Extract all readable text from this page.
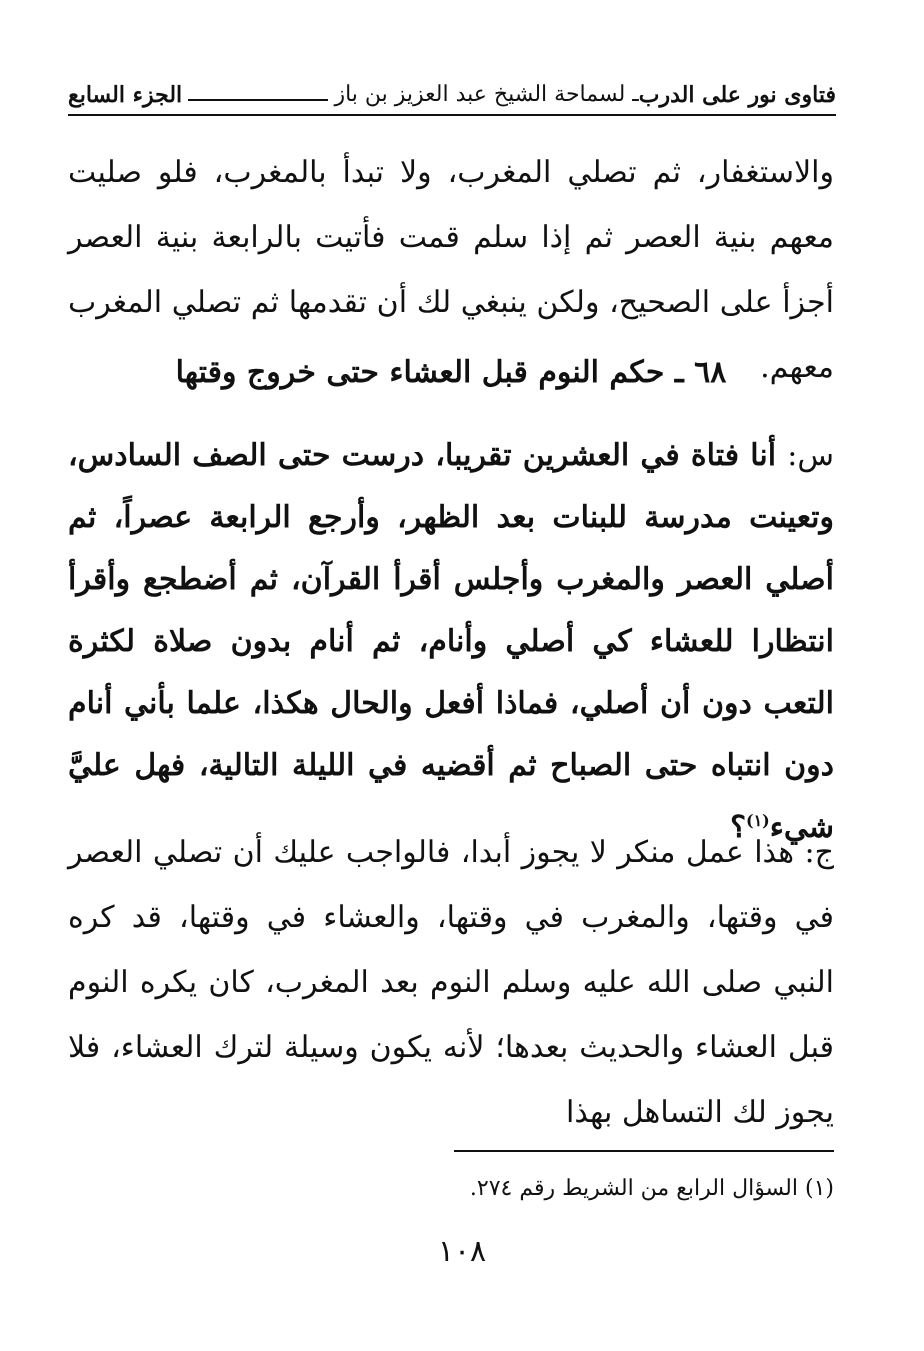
فتاوى نور على الدرب
ـ لسماحة الشيخ عبد العزيز بن باز
الجزء السابع

والاستغفار، ثم تصلي المغرب، ولا تبدأ بالمغرب، فلو صليت معهم بنية العصر ثم إذا سلم قمت فأتيت بالرابعة بنية العصر أجزأ على الصحيح، ولكن ينبغي لك أن تقدمها ثم تصلي المغرب معهم.

٦٨ ـ حكم النوم قبل العشاء حتى خروج وقتها

س: أنا فتاة في العشرين تقريبا، درست حتى الصف السادس، وتعينت مدرسة للبنات بعد الظهر، وأرجع الرابعة عصراً، ثم أصلي العصر والمغرب وأجلس أقرأ القرآن، ثم أضطجع وأقرأ انتظارا للعشاء كي أصلي وأنام، ثم أنام بدون صلاة لكثرة التعب دون أن أصلي، فماذا أفعل والحال هكذا، علما بأني أنام دون انتباه حتى الصباح ثم أقضيه في الليلة التالية، فهل عليَّ شيء$^{(١)}$؟

ج: هذا عمل منكر لا يجوز أبدا، فالواجب عليك أن تصلي العصر في وقتها، والمغرب في وقتها، والعشاء في وقتها، قد كره النبي صلى الله عليه وسلم النوم بعد المغرب، كان يكره النوم قبل العشاء والحديث بعدها؛ لأنه يكون وسيلة لترك العشاء، فلا يجوز لك التساهل بهذا

(١) السؤال الرابع من الشريط رقم ٢٧٤.

١٠٨
